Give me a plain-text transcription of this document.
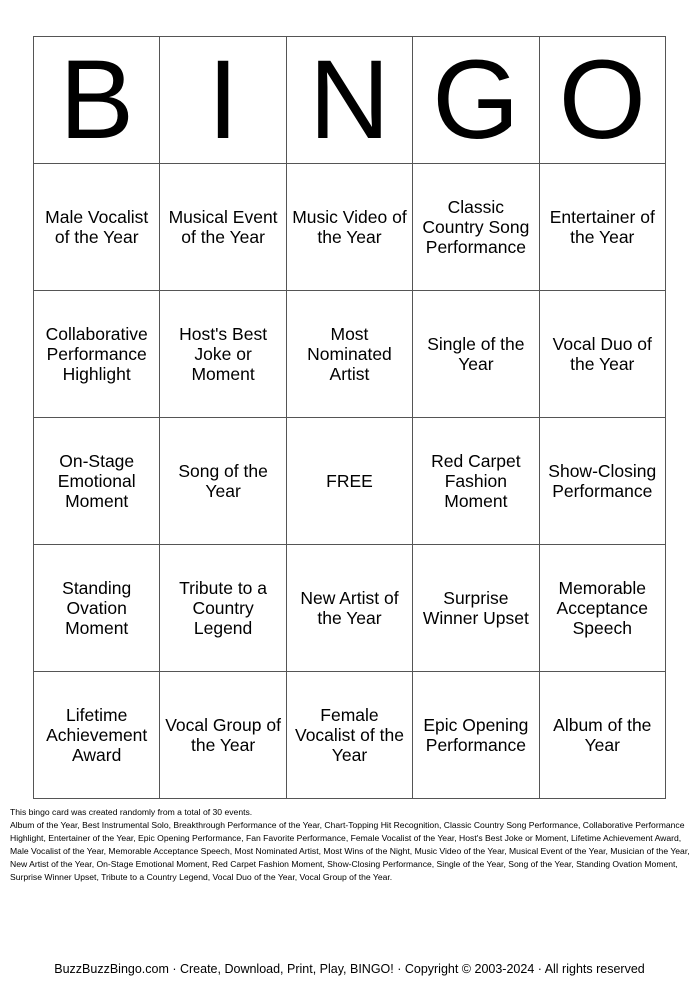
B	I	N	G	O
Male Vocalist of the Year	Musical Event of the Year	Music Video of the Year	Classic Country Song Performance	Entertainer of the Year
Collaborative Performance Highlight	Host's Best Joke or Moment	Most Nominated Artist	Single of the Year	Vocal Duo of the Year
On-Stage Emotional Moment	Song of the Year	FREE	Red Carpet Fashion Moment	Show-Closing Performance
Standing Ovation Moment	Tribute to a Country Legend	New Artist of the Year	Surprise Winner Upset	Memorable Acceptance Speech
Lifetime Achievement Award	Vocal Group of the Year	Female Vocalist of the Year	Epic Opening Performance	Album of the Year

This bingo card was created randomly from a total of 30 events.

Album of the Year, Best Instrumental Solo, Breakthrough Performance of the Year, Chart-Topping Hit Recognition, Classic Country Song Performance, Collaborative Performance Highlight, Entertainer of the Year, Epic Opening Performance, Fan Favorite Performance, Female Vocalist of the Year, Host's Best Joke or Moment, Lifetime Achievement Award, Male Vocalist of the Year, Memorable Acceptance Speech, Most Nominated Artist, Most Wins of the Night, Music Video of the Year, Musical Event of the Year, Musician of the Year, New Artist of the Year, On-Stage Emotional Moment, Red Carpet Fashion Moment, Show-Closing Performance, Single of the Year, Song of the Year, Standing Ovation Moment, Surprise Winner Upset, Tribute to a Country Legend, Vocal Duo of the Year, Vocal Group of the Year.

BuzzBuzzBingo.com · Create, Download, Print, Play, BINGO! · Copyright © 2003-2024 · All rights reserved
